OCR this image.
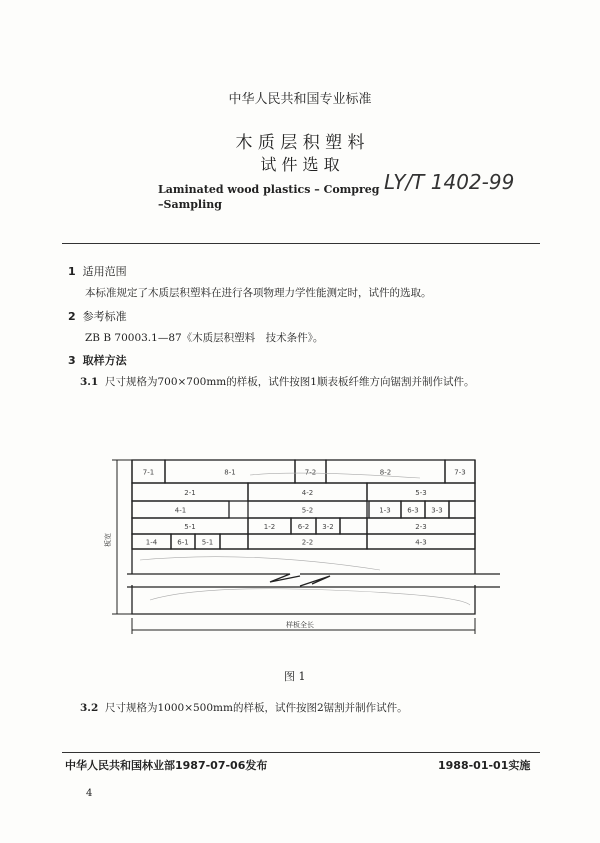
中华人民共和国专业标准
木 质 层 积 塑 料
试 件 选 取
Laminated wood plastics – Compreg
–Sampling
LY/T 1402-99
1 适用范围
本标准规定了木质层积塑料在进行各项物理力学性能测定时，试件的选取。
2 参考标准
ZB B 70003.1—87《木质层积塑料　技术条件》。
3 取样方法
3.1 尺寸规格为700×700mm的样板，试件按图1顺表板纤维方向锯割并制作试件。
7-1	8-1	7-2	8-2	7-3
2-1	4-2	5-3
4-1	5-2	1-3 6-3 3-3
5-1	1-2	6-2 3-2	2-3
1-4	6-1 5-1	2-2	4-3
板宽
样板全长
图 1
3.2 尺寸规格为1000×500mm的样板，试件按图2锯割并制作试件。
中华人民共和国林业部1987-07-06发布	1988-01-01实施
4
